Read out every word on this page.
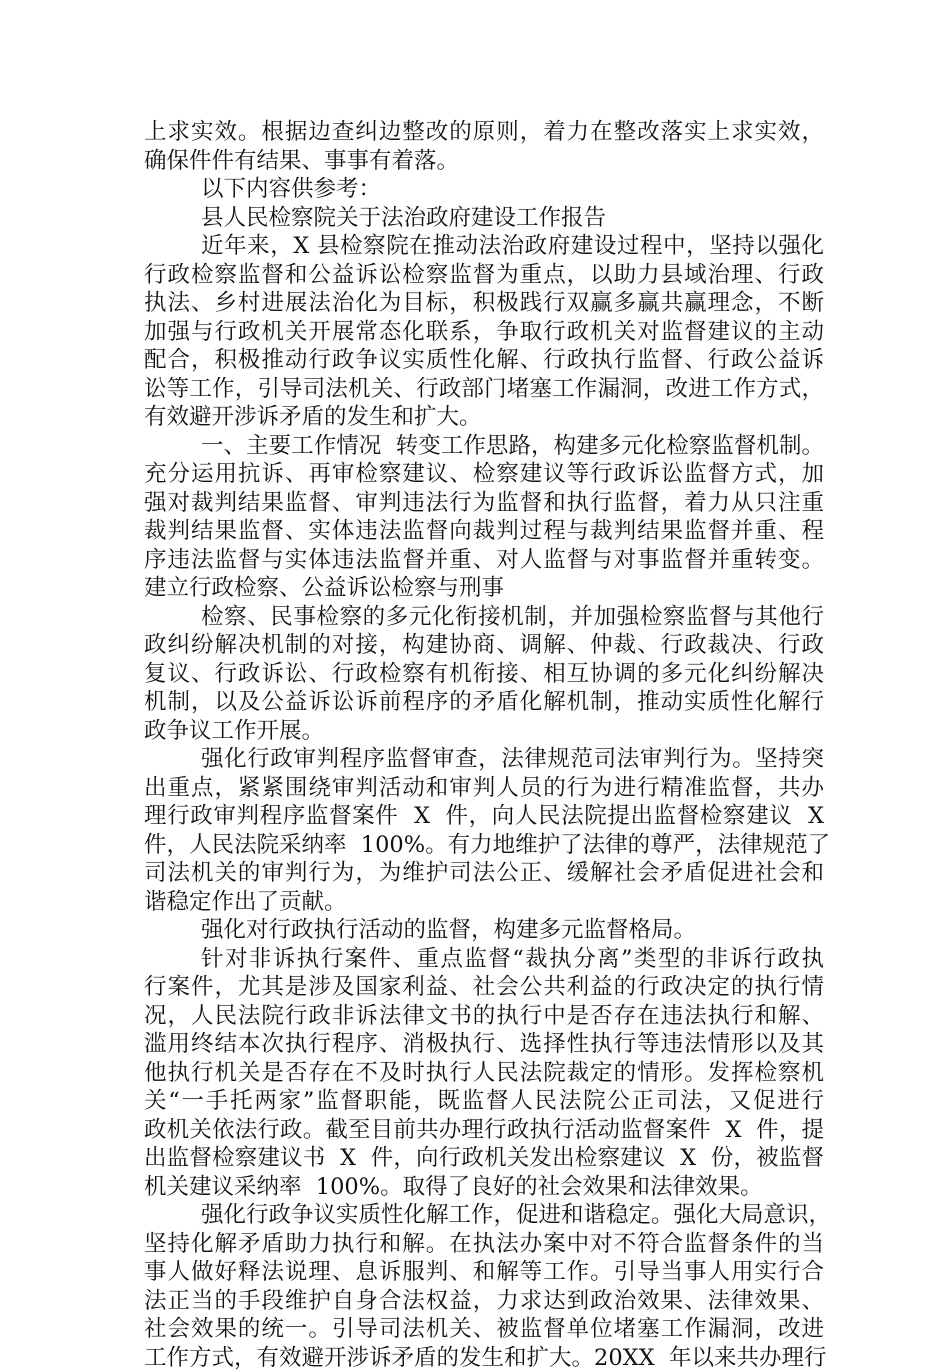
上求实效。根据边查纠边整改的原则，着力在整改落实上求实效，
确保件件有结果、事事有着落。
以下内容供参考：
县人民检察院关于法治政府建设工作报告
近年来，X 县检察院在推动法治政府建设过程中，坚持以强化
行政检察监督和公益诉讼检察监督为重点，以助力县域治理、行政
执法、乡村进展法治化为目标，积极践行双赢多赢共赢理念，不断
加强与行政机关开展常态化联系，争取行政机关对监督建议的主动
配合，积极推动行政争议实质性化解、行政执行监督、行政公益诉
讼等工作，引导司法机关、行政部门堵塞工作漏洞，改进工作方式，
有效避开涉诉矛盾的发生和扩大。
一、主要工作情况  转变工作思路，构建多元化检察监督机制。
充分运用抗诉、再审检察建议、检察建议等行政诉讼监督方式，加
强对裁判结果监督、审判违法行为监督和执行监督，着力从只注重
裁判结果监督、实体违法监督向裁判过程与裁判结果监督并重、程
序违法监督与实体违法监督并重、对人监督与对事监督并重转变。
建立行政检察、公益诉讼检察与刑事
检察、民事检察的多元化衔接机制，并加强检察监督与其他行
政纠纷解决机制的对接，构建协商、调解、仲裁、行政裁决、行政
复议、行政诉讼、行政检察有机衔接、相互协调的多元化纠纷解决
机制，以及公益诉讼诉前程序的矛盾化解机制，推动实质性化解行
政争议工作开展。
强化行政审判程序监督审查，法律规范司法审判行为。坚持突
出重点，紧紧围绕审判活动和审判人员的行为进行精准监督，共办
理行政审判程序监督案件  X  件，向人民法院提出监督检察建议  X
件，人民法院采纳率  100%。有力地维护了法律的尊严，法律规范了
司法机关的审判行为，为维护司法公正、缓解社会矛盾促进社会和
谐稳定作出了贡献。
强化对行政执行活动的监督，构建多元监督格局。
针对非诉执行案件、重点监督“裁执分离”类型的非诉行政执
行案件，尤其是涉及国家利益、社会公共利益的行政决定的执行情
况，人民法院行政非诉法律文书的执行中是否存在违法执行和解、
滥用终结本次执行程序、消极执行、选择性执行等违法情形以及其
他执行机关是否存在不及时执行人民法院裁定的情形。发挥检察机
关“一手托两家”监督职能，既监督人民法院公正司法，又促进行
政机关依法行政。截至目前共办理行政执行活动监督案件  X  件，提
出监督检察建议书  X  件，向行政机关发出检察建议  X  份，被监督
机关建议采纳率  100%。取得了良好的社会效果和法律效果。
强化行政争议实质性化解工作，促进和谐稳定。强化大局意识，
坚持化解矛盾助力执行和解。在执法办案中对不符合监督条件的当
事人做好释法说理、息诉服判、和解等工作。引导当事人用实行合
法正当的手段维护自身合法权益，力求达到政治效果、法律效果、
社会效果的统一。引导司法机关、被监督单位堵塞工作漏洞，改进
工作方式，有效避开涉诉矛盾的发生和扩大。20XX  年以来共办理行
